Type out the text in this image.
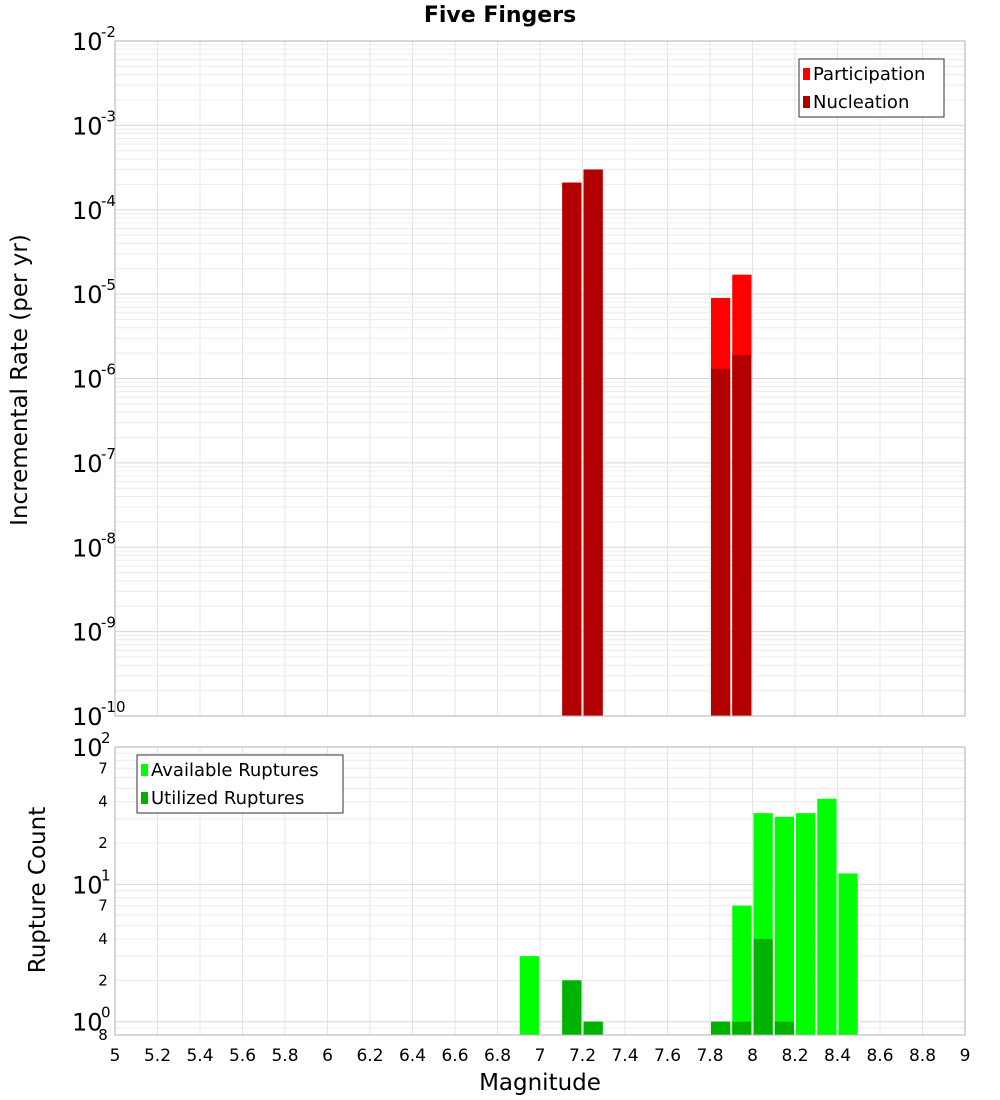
Five Fingers
10
-10
10
-9
10
-8
10
-7
10
-6
10
-5
10
-4
10
-3
10
-2
Participation
Nucleation
10
0
10
1
10
2
8
2
4
7
2
4
7
5 5.2 5.4 5.6 5.8 6 6.2 6.4 6.6 6.8 7 7.2 7.4 7.6 7.8 8 8.2 8.4 8.6 8.8 9
Available Ruptures
Utilized Ruptures
Incremental Rate (per yr)
Rupture Count
Magnitude
